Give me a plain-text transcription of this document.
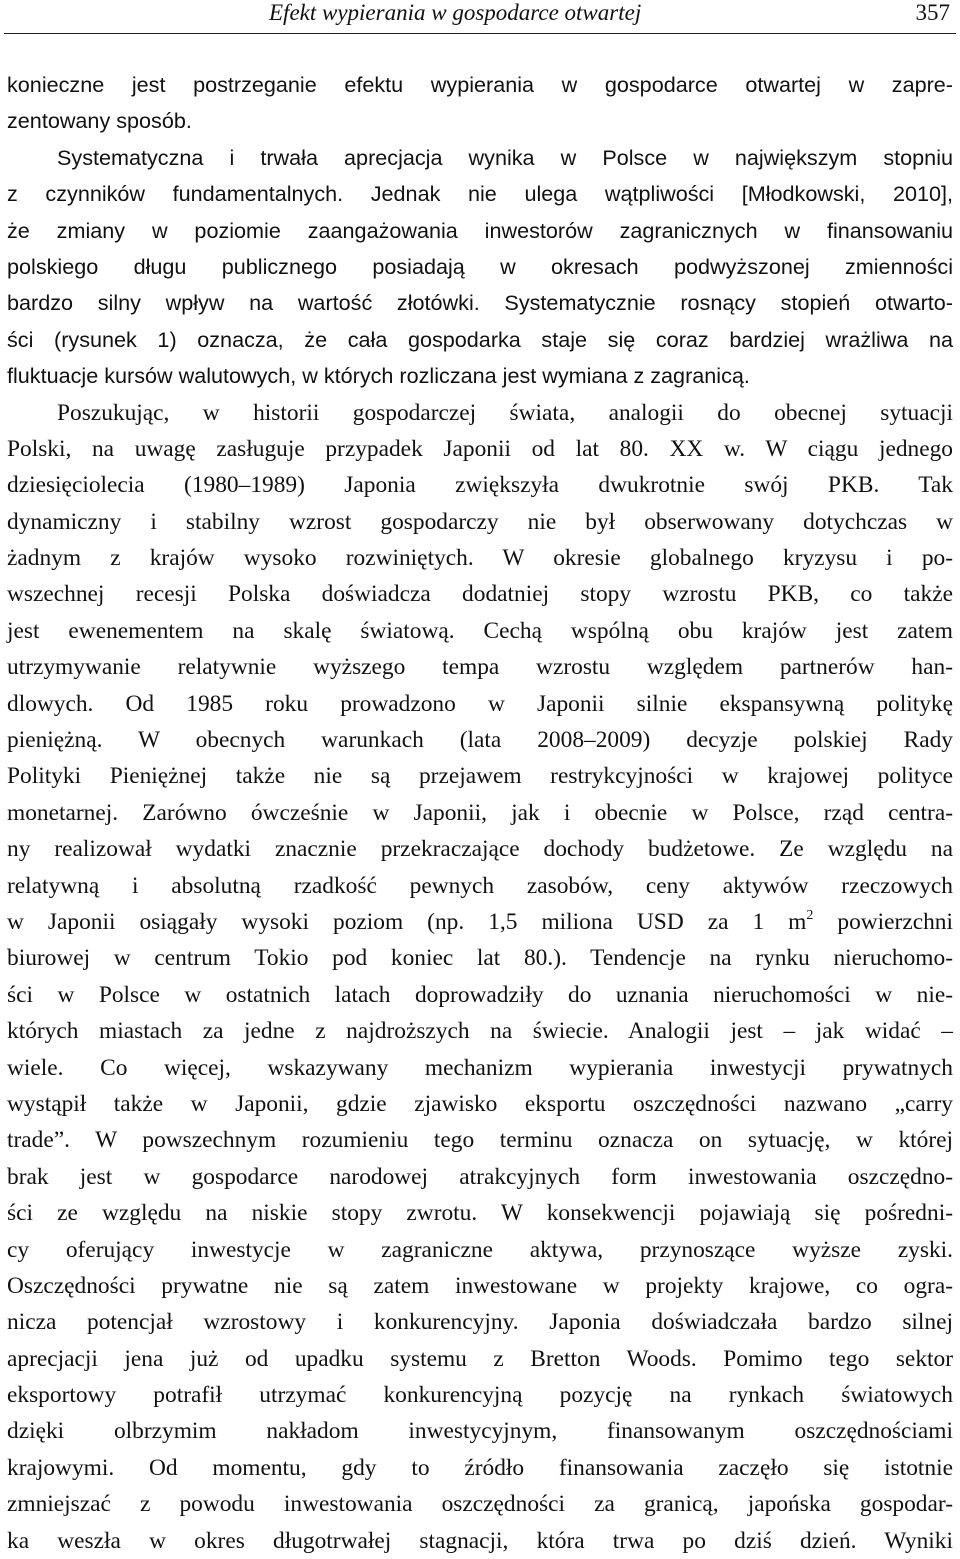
Efekt wypierania w gospodarce otwartej	357
konieczne jest postrzeganie efektu wypierania w gospodarce otwartej w zapre-
zentowany sposób.
Systematyczna i trwała aprecjacja wynika w Polsce w największym stopniu
z czynników fundamentalnych. Jednak nie ulega wątpliwości [Młodkowski, 2010],
że zmiany w poziomie zaangażowania inwestorów zagranicznych w finansowaniu
polskiego długu publicznego posiadają w okresach podwyższonej zmienności
bardzo silny wpływ na wartość złotówki. Systematycznie rosnący stopień otwarto-
ści (rysunek 1) oznacza, że cała gospodarka staje się coraz bardziej wrażliwa na
fluktuacje kursów walutowych, w których rozliczana jest wymiana z zagranicą.
Poszukując, w historii gospodarczej świata, analogii do obecnej sytuacji
Polski, na uwagę zasługuje przypadek Japonii od lat 80. XX w. W ciągu jednego
dziesięciolecia (1980–1989) Japonia zwiększyła dwukrotnie swój PKB. Tak
dynamiczny i stabilny wzrost gospodarczy nie był obserwowany dotychczas w
żadnym z krajów wysoko rozwiniętych. W okresie globalnego kryzysu i po-
wszechnej recesji Polska doświadcza dodatniej stopy wzrostu PKB, co także
jest ewenementem na skalę światową. Cechą wspólną obu krajów jest zatem
utrzymywanie relatywnie wyższego tempa wzrostu względem partnerów han-
dlowych. Od 1985 roku prowadzono w Japonii silnie ekspansywną politykę
pieniężną. W obecnych warunkach (lata 2008–2009) decyzje polskiej Rady
Polityki Pieniężnej także nie są przejawem restrykcyjności w krajowej polityce
monetarnej. Zarówno ówcześnie w Japonii, jak i obecnie w Polsce, rząd centra-
ny realizował wydatki znacznie przekraczające dochody budżetowe. Ze względu na
relatywną i absolutną rzadkość pewnych zasobów, ceny aktywów rzeczowych
w Japonii osiągały wysoki poziom (np. 1,5 miliona USD za 1 $m^2$ powierzchni
biurowej w centrum Tokio pod koniec lat 80.). Tendencje na rynku nieruchomo-
ści w Polsce w ostatnich latach doprowadziły do uznania nieruchomości w nie-
których miastach za jedne z najdroższych na świecie. Analogii jest – jak widać –
wiele. Co więcej, wskazywany mechanizm wypierania inwestycji prywatnych
wystąpił także w Japonii, gdzie zjawisko eksportu oszczędności nazwano „carry
trade”. W powszechnym rozumieniu tego terminu oznacza on sytuację, w której
brak jest w gospodarce narodowej atrakcyjnych form inwestowania oszczędno-
ści ze względu na niskie stopy zwrotu. W konsekwencji pojawiają się pośredni-
cy oferujący inwestycje w zagraniczne aktywa, przynoszące wyższe zyski.
Oszczędności prywatne nie są zatem inwestowane w projekty krajowe, co ogra-
nicza potencjał wzrostowy i konkurencyjny. Japonia doświadczała bardzo silnej
aprecjacji jena już od upadku systemu z Bretton Woods. Pomimo tego sektor
eksportowy potrafił utrzymać konkurencyjną pozycję na rynkach światowych
dzięki olbrzymim nakładom inwestycyjnym, finansowanym oszczędnościami
krajowymi. Od momentu, gdy to źródło finansowania zaczęło się istotnie
zmniejszać z powodu inwestowania oszczędności za granicą, japońska gospodar-
ka weszła w okres długotrwałej stagnacji, która trwa po dziś dzień. Wyniki
